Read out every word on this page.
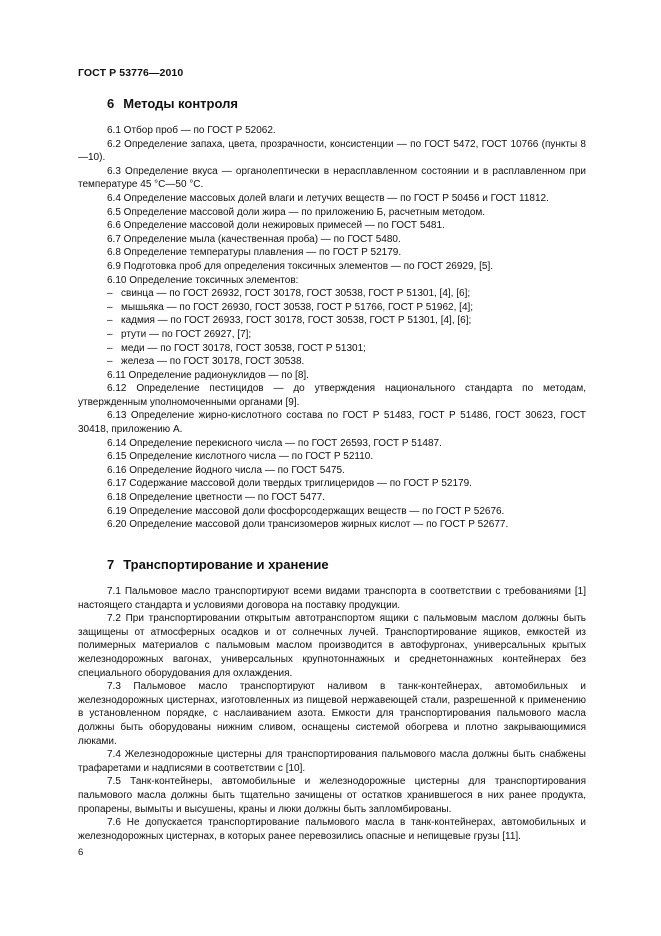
ГОСТ Р 53776—2010
6 Методы контроля

6.1 Отбор проб — по ГОСТ Р 52062.

6.2 Определение запаха, цвета, прозрачности, консистенции — по ГОСТ 5472, ГОСТ 10766 (пункты 8—10).

6.3 Определение вкуса — органолептически в нерасплавленном состоянии и в расплавленном при температуре 45 °С—50 °С.

6.4 Определение массовых долей влаги и летучих веществ — по ГОСТ Р 50456 и ГОСТ 11812.

6.5 Определение массовой доли жира — по приложению Б, расчетным методом.

6.6 Определение массовой доли нежировых примесей — по ГОСТ 5481.

6.7 Определение мыла (качественная проба) — по ГОСТ 5480.

6.8 Определение температуры плавления — по ГОСТ Р 52179.

6.9 Подготовка проб для определения токсичных элементов — по ГОСТ 26929, [5].

6.10 Определение токсичных элементов:

– свинца — по ГОСТ 26932, ГОСТ 30178, ГОСТ 30538, ГОСТ Р 51301, [4], [6];

– мышьяка — по ГОСТ 26930, ГОСТ 30538, ГОСТ Р 51766, ГОСТ Р 51962, [4];

– кадмия — по ГОСТ 26933, ГОСТ 30178, ГОСТ 30538, ГОСТ Р 51301, [4], [6];

– ртути — по ГОСТ 26927, [7];

– меди — по ГОСТ 30178, ГОСТ 30538, ГОСТ Р 51301;

– железа — по ГОСТ 30178, ГОСТ 30538.

6.11 Определение радионуклидов — по [8].

6.12 Определение пестицидов — до утверждения национального стандарта по методам, утвержденным уполномоченными органами [9].

6.13 Определение жирно-кислотного состава по ГОСТ Р 51483, ГОСТ Р 51486, ГОСТ 30623, ГОСТ 30418, приложению А.

6.14 Определение перекисного числа — по ГОСТ 26593, ГОСТ Р 51487.

6.15 Определение кислотного числа — по ГОСТ Р 52110.

6.16 Определение йодного числа — по ГОСТ 5475.

6.17 Содержание массовой доли твердых триглицеридов — по ГОСТ Р 52179.

6.18 Определение цветности — по ГОСТ 5477.

6.19 Определение массовой доли фосфорсодержащих веществ — по ГОСТ Р 52676.

6.20 Определение массовой доли трансизомеров жирных кислот — по ГОСТ Р 52677.

7 Транспортирование и хранение

7.1 Пальмовое масло транспортируют всеми видами транспорта в соответствии с требованиями [1] настоящего стандарта и условиями договора на поставку продукции.

7.2 При транспортировании открытым автотранспортом ящики с пальмовым маслом должны быть защищены от атмосферных осадков и от солнечных лучей. Транспортирование ящиков, емкостей из полимерных материалов с пальмовым маслом производится в автофургонах, универсальных крытых железнодорожных вагонах, универсальных крупнотоннажных и среднетоннажных контейнерах без специального оборудования для охлаждения.

7.3 Пальмовое масло транспортируют наливом в танк-контейнерах, автомобильных и железнодорожных цистернах, изготовленных из пищевой нержавеющей стали, разрешенной к применению в установленном порядке, с наслаиванием азота. Емкости для транспортирования пальмового масла должны быть оборудованы нижним сливом, оснащены системой обогрева и плотно закрывающимися люками.

7.4 Железнодорожные цистерны для транспортирования пальмового масла должны быть снабжены трафаретами и надписями в соответствии с [10].

7.5 Танк-контейнеры, автомобильные и железнодорожные цистерны для транспортирования пальмового масла должны быть тщательно зачищены от остатков хранившегося в них ранее продукта, пропарены, вымыты и высушены, краны и люки должны быть запломбированы.

7.6 Не допускается транспортирование пальмового масла в танк-контейнерах, автомобильных и железнодорожных цистернах, в которых ранее перевозились опасные и непищевые грузы [11].

6
